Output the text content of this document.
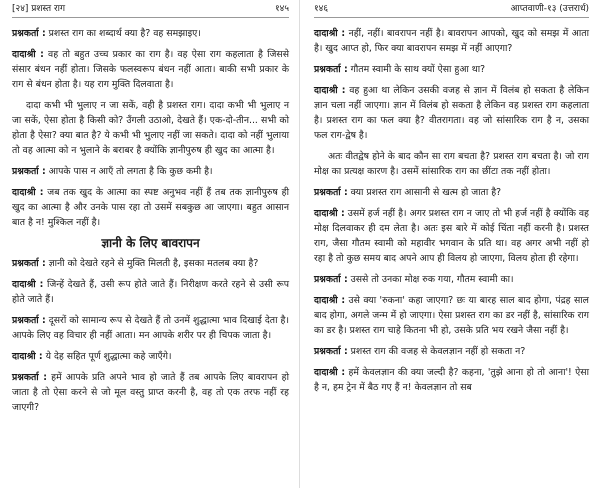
[२४] प्रशस्त राग	१४५

प्रश्नकर्ता : प्रशस्त राग का शब्दार्थ क्या है? वह समझाइए।

दादाश्री : वह तो बहुत उच्च प्रकार का राग है। वह ऐसा राग कहलाता है जिससे संसार बंधन नहीं होता। जिसके फलस्वरूप बंधन नहीं आता। बाकी सभी प्रकार के राग से बंधन होता है। यह राग मुक्ति दिलवाता है।

दादा कभी भी भुलाए न जा सकें, वही है प्रशस्त राग। दादा कभी भी भुलाए न जा सकें, ऐसा होता है किसी को? उँगली उठाओ, देखते हैं। एक-दो-तीन... सभी को होता है ऐसा? क्या बात है? ये कभी भी भुलाए नहीं जा सकते। दादा को नहीं भुलाया तो वह आत्मा को न भुलाने के बराबर है क्योंकि ज्ञानीपुरुष ही खुद का आत्मा है।

प्रश्नकर्ता : आपके पास न आएँ तो लगता है कि कुछ कमी है।

दादाश्री : जब तक खुद के आत्मा का स्पष्ट अनुभव नहीं हैं तब तक ज्ञानीपुरुष ही खुद का आत्मा है और उनके पास रहा तो उसमें सबकुछ आ जाएगा। बहुत आसान बात है न! मुश्किल नहीं है।

ज्ञानी के लिए बावरापन

प्रश्नकर्ता : ज्ञानी को देखते रहने से मुक्ति मिलती है, इसका मतलब क्या है?

दादाश्री : जिन्हें देखते हैं, उसी रूप होते जाते हैं। निरीक्षण करते रहने से उसी रूप होते जाते हैं।

प्रश्नकर्ता : दूसरों को सामान्य रूप से देखते हैं तो उनमें शुद्धात्मा भाव दिखाई देता है। आपके लिए वह विचार ही नहीं आता। मन आपके शरीर पर ही चिपक जाता है।

दादाश्री : ये देह सहित पूर्ण शुद्धात्मा कहे जाएँगे।

प्रश्नकर्ता : हमें आपके प्रति अपने भाव हो जाते हैं तब आपके लिए बावरापन हो जाता है तो ऐसा करने से जो मूल वस्तु प्राप्त करनी है, वह तो एक तरफ नहीं रह जाएगी?

१४६	आप्तवाणी-१३ (उत्तरार्ध)

दादाश्री : नहीं, नहीं। बावरापन नहीं है। बावरापन आपको, खुद को समझ में आता है। खुद आप्त हो, फिर क्या बावरापन समझ में नहीं आएगा?

प्रश्नकर्ता : गौतम स्वामी के साथ क्यों ऐसा हुआ था?

दादाश्री : वह हुआ था लेकिन उसकी वजह से ज्ञान में विलंब हो सकता है लेकिन ज्ञान चला नहीं जाएगा। ज्ञान में विलंब हो सकता है लेकिन वह प्रशस्त राग कहलाता है। प्रशस्त राग का फल क्या है? वीतरागता। वह जो सांसारिक राग है न, उसका फल राग-द्वेष है।

अतः वीतद्वेष होने के बाद कौन सा राग बचता है? प्रशस्त राग बचता है। जो राग मोक्ष का प्रत्यक्ष कारण है। उसमें सांसारिक राग का छींटा तक नहीं होता।

प्रश्नकर्ता : क्या प्रशस्त राग आसानी से खत्म हो जाता है?

दादाश्री : उसमें हर्ज नहीं है। अगर प्रशस्त राग न जाए तो भी हर्ज नहीं है क्योंकि वह मोक्ष दिलवाकर ही दम लेता है। अतः इस बारे में कोई चिंता नहीं करनी है। प्रशस्त राग, जैसा गौतम स्वामी को महावीर भगवान के प्रति था। वह अगर अभी नहीं हो रहा है तो कुछ समय बाद अपने आप ही विलय हो जाएगा, विलय होता ही रहेगा।

प्रश्नकर्ता : उससे तो उनका मोक्ष रुक गया, गौतम स्वामी का।

दादाश्री : उसे क्या 'रुकना' कहा जाएगा? छः या बारह साल बाद होगा, पंद्रह साल बाद होगा, अगले जन्म में हो जाएगा। ऐसा प्रशस्त राग का डर नहीं है, सांसारिक राग का डर है। प्रशस्त राग चाहे कितना भी हो, उसके प्रति भय रखने जैसा नहीं है।

प्रश्नकर्ता : प्रशस्त राग की वजह से केवलज्ञान नहीं हो सकता न?

दादाश्री : हमें केवलज्ञान की क्या जल्दी है? कहना, 'तुझे आना हो तो आना'! ऐसा है न, हम ट्रेन में बैठ गए हैं न! केवलज्ञान तो सब
